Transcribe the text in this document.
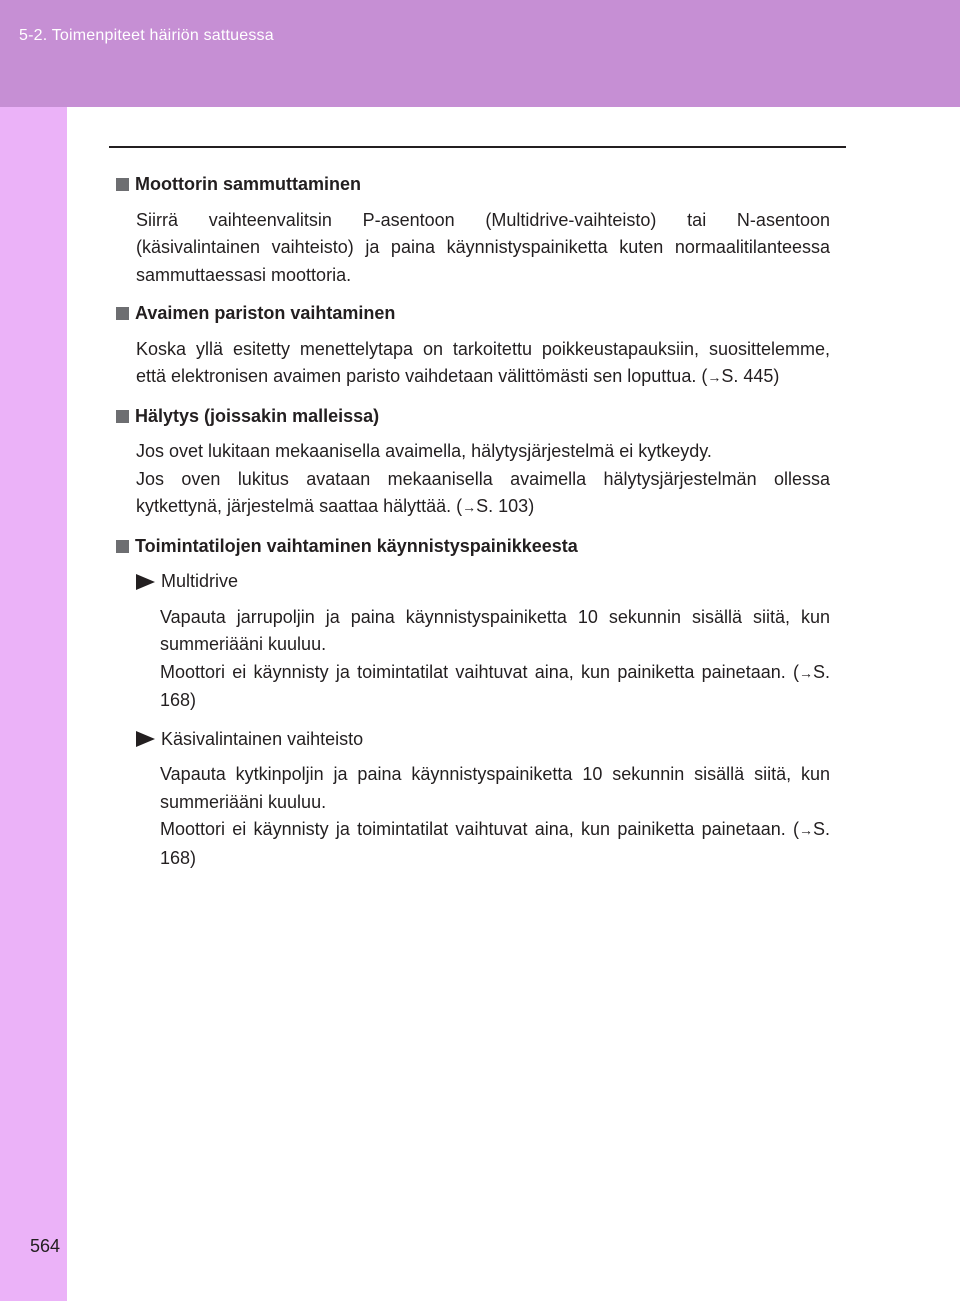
5-2. Toimenpiteet häiriön sattuessa
564
Moottorin sammuttaminen

Siirrä vaihteenvalitsin P-asentoon (Multidrive-vaihteisto) tai N-asentoon (käsivalintainen vaihteisto) ja paina käynnistyspainiketta kuten normaalitilanteessa sammuttaessasi moottoria.

Avaimen pariston vaihtaminen

Koska yllä esitetty menettelytapa on tarkoitettu poikkeustapauksiin, suosittelemme, että elektronisen avaimen paristo vaihdetaan välittömästi sen loputtua. (→S. 445)

Hälytys (joissakin malleissa)

Jos ovet lukitaan mekaanisella avaimella, hälytysjärjestelmä ei kytkeydy.
Jos oven lukitus avataan mekaanisella avaimella hälytysjärjestelmän ollessa kytkettynä, järjestelmä saattaa hälyttää. (→S. 103)

Toimintatilojen vaihtaminen käynnistyspainikkeesta
Multidrive

Vapauta jarrupoljin ja paina käynnistyspainiketta 10 sekunnin sisällä siitä, kun summeriääni kuuluu.
Moottori ei käynnisty ja toimintatilat vaihtuvat aina, kun painiketta painetaan. (→S. 168)

Käsivalintainen vaihteisto

Vapauta kytkinpoljin ja paina käynnistyspainiketta 10 sekunnin sisällä siitä, kun summeriääni kuuluu.
Moottori ei käynnisty ja toimintatilat vaihtuvat aina, kun painiketta painetaan. (→S. 168)
